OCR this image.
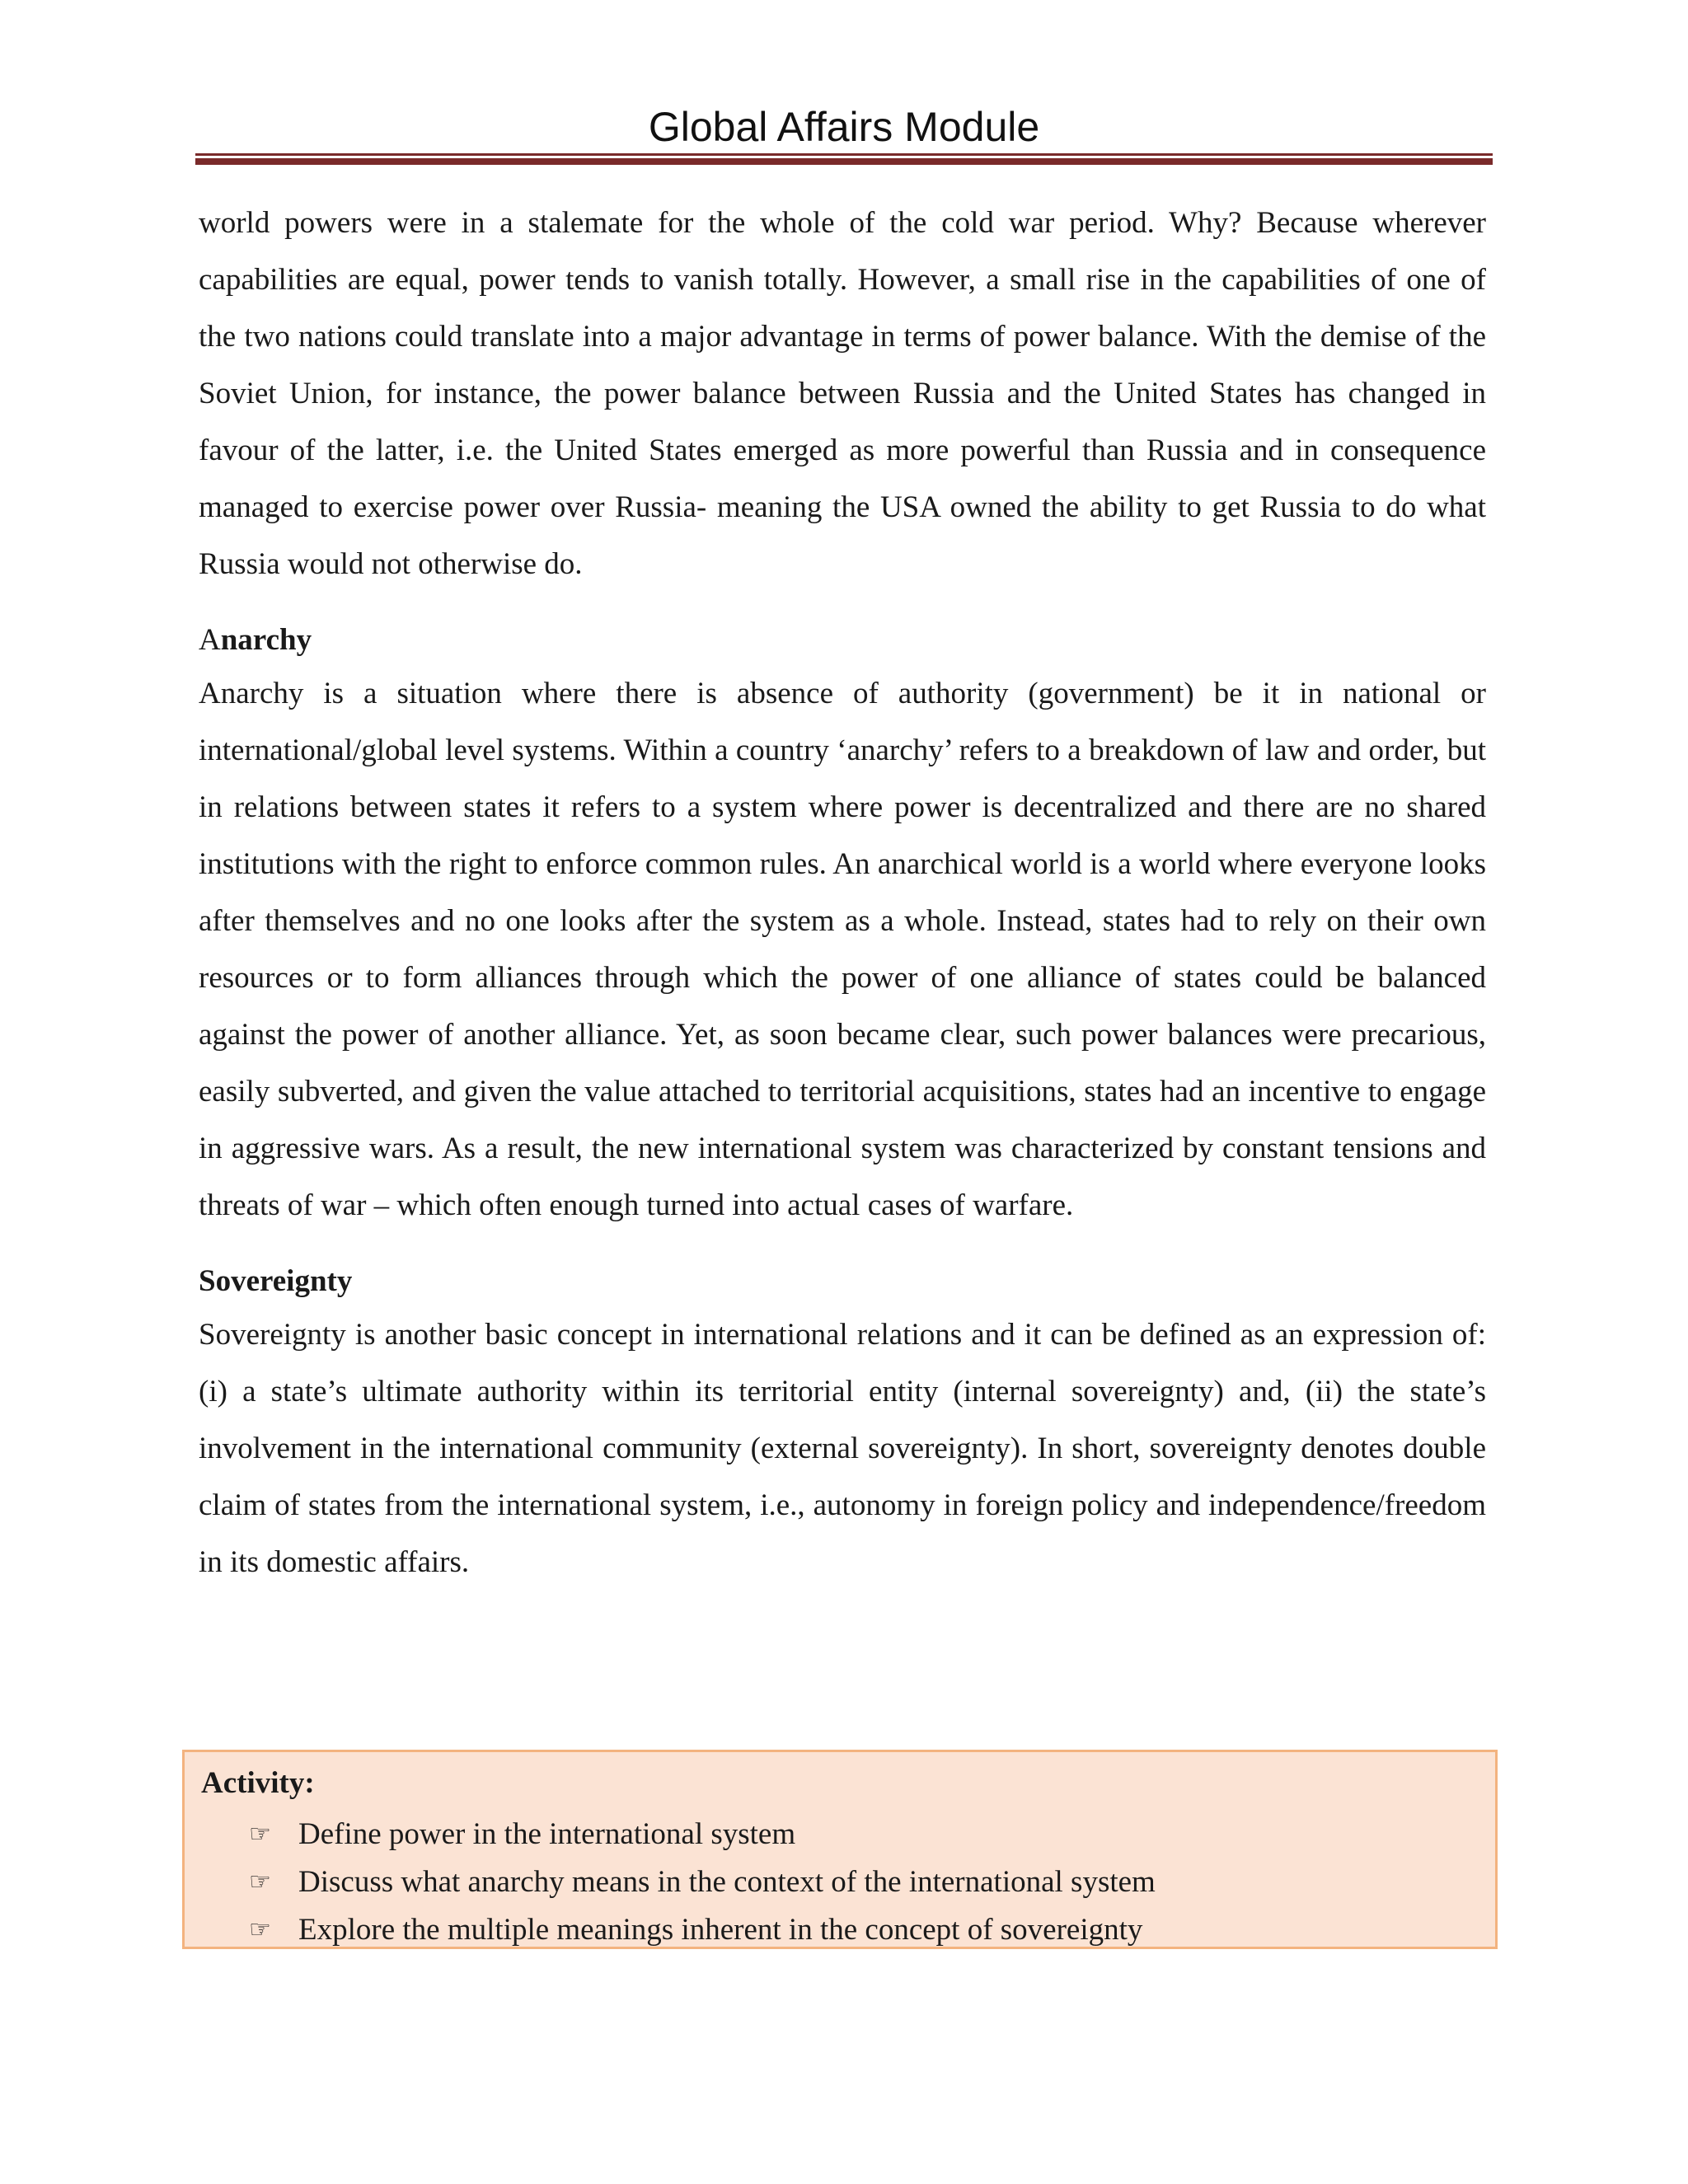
Global Affairs Module

world powers were in a stalemate for the whole of the cold war period. Why? Because wherever capabilities are equal, power tends to vanish totally. However, a small rise in the capabilities of one of the two nations could translate into a major advantage in terms of power balance. With the demise of the Soviet Union, for instance, the power balance between Russia and the United States has changed in favour of the latter, i.e. the United States emerged as more powerful than Russia and in consequence managed to exercise power over Russia- meaning the USA owned the ability to get Russia to do what Russia would not otherwise do.

Anarchy

Anarchy is a situation where there is absence of authority (government) be it in national or international/global level systems. Within a country ‘anarchy’ refers to a breakdown of law and order, but in relations between states it refers to a system where power is decentralized and there are no shared institutions with the right to enforce common rules. An anarchical world is a world where everyone looks after themselves and no one looks after the system as a whole. Instead, states had to rely on their own resources or to form alliances through which the power of one alliance of states could be balanced against the power of another alliance. Yet, as soon became clear, such power balances were precarious, easily subverted, and given the value attached to territorial acquisitions, states had an incentive to engage in aggressive wars. As a result, the new international system was characterized by constant tensions and threats of war – which often enough turned into actual cases of warfare.

Sovereignty

Sovereignty is another basic concept in international relations and it can be defined as an expression of: (i) a state’s ultimate authority within its territorial entity (internal sovereignty) and, (ii) the state’s involvement in the international community (external sovereignty). In short, sovereignty denotes double claim of states from the international system, i.e., autonomy in foreign policy and independence/freedom in its domestic affairs.

Activity:
☞ Define power in the international system
☞ Discuss what anarchy means in the context of the international system
☞ Explore the multiple meanings inherent in the concept of sovereignty
